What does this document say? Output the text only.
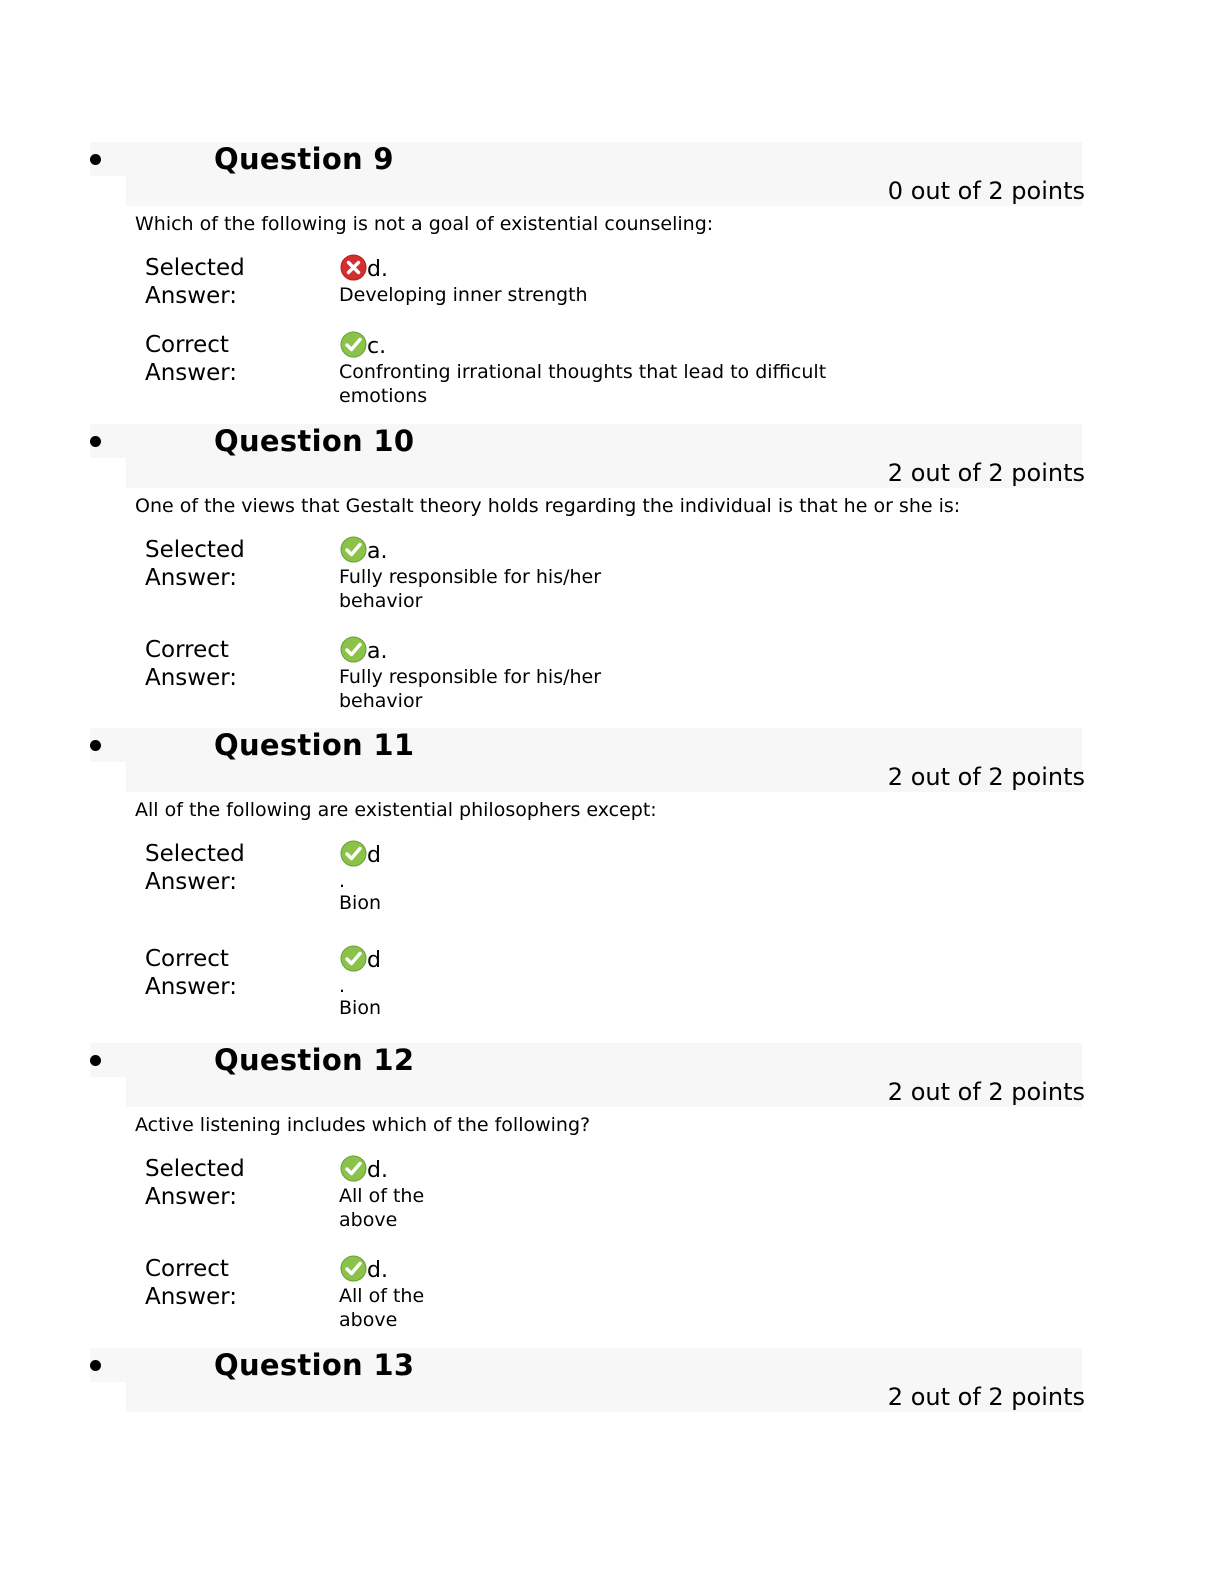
Question 9
0 out of 2 points
Which of the following is not a goal of existential counseling:
Selected
Answer:
d.
Developing inner strength
Correct
Answer:
c.
Confronting irrational thoughts that lead to difficult
emotions
Question 10
2 out of 2 points
One of the views that Gestalt theory holds regarding the individual is that he or she is:
Selected
Answer:
a.
Fully responsible for his/her
behavior
Correct
Answer:
a.
Fully responsible for his/her
behavior
Question 11
2 out of 2 points
All of the following are existential philosophers except:
Selected
Answer:
d
.
Bion
Correct
Answer:
d
.
Bion
Question 12
2 out of 2 points
Active listening includes which of the following?
Selected
Answer:
d.
All of the
above
Correct
Answer:
d.
All of the
above
Question 13
2 out of 2 points
